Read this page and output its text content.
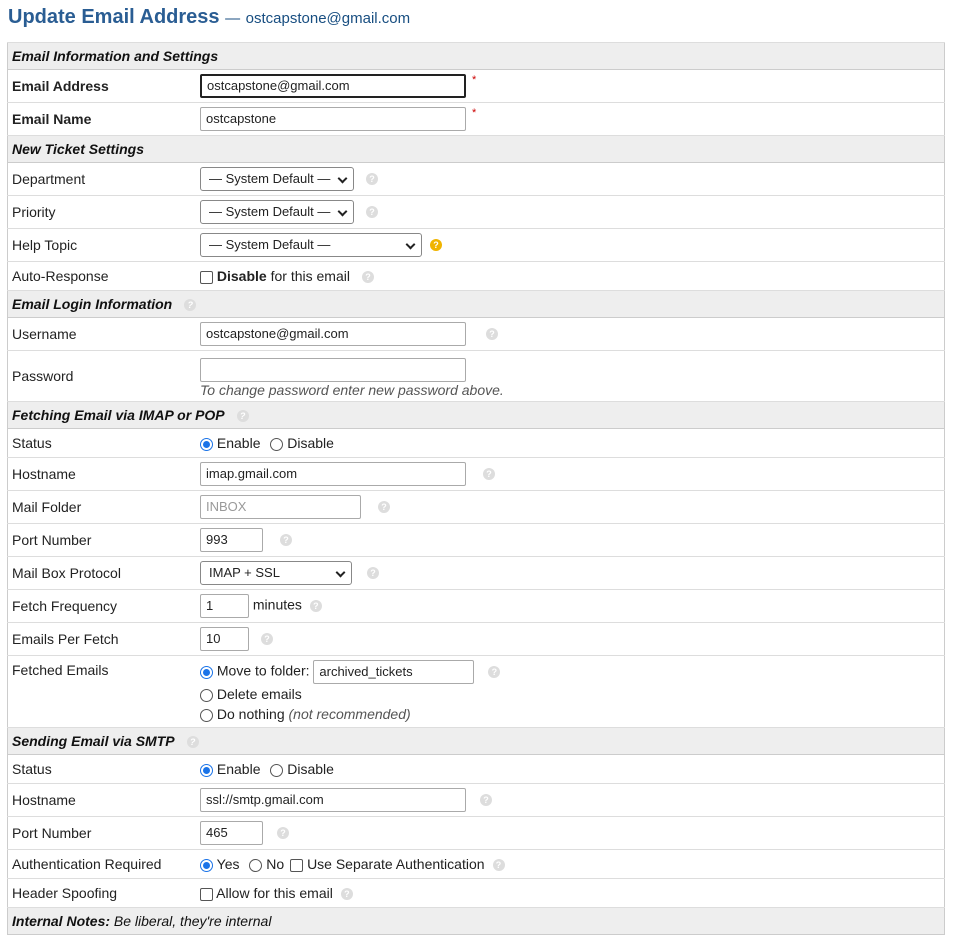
Update Email Address — ostcapstone@gmail.com
Email Information and Settings	
Email Address	ostcapstone@gmail.com *
Email Name	ostcapstone *
New Ticket Settings	
Department	— System Default — ?
Priority	— System Default — ?
Help Topic	— System Default — ?
Auto-Response	Disable for this email ?
Email Login Information ?	
Username	ostcapstone@gmail.com ?
Password	To change password enter new password above.
Fetching Email via IMAP or POP ?	
Status	Enable Disable
Hostname	imap.gmail.com ?
Mail Folder	INBOX ?
Port Number	993 ?
Mail Box Protocol	IMAP + SSL ?
Fetch Frequency	1 minutes ?
Emails Per Fetch	10 ?
Fetched Emails	Move to folder: archived_tickets ?
Delete emails
Do nothing (not recommended)
Sending Email via SMTP ?	
Status	Enable Disable
Hostname	ssl://smtp.gmail.com ?
Port Number	465 ?
Authentication Required	Yes No Use Separate Authentication ?
Header Spoofing	Allow for this email ?
Internal Notes: Be liberal, they're internal	
